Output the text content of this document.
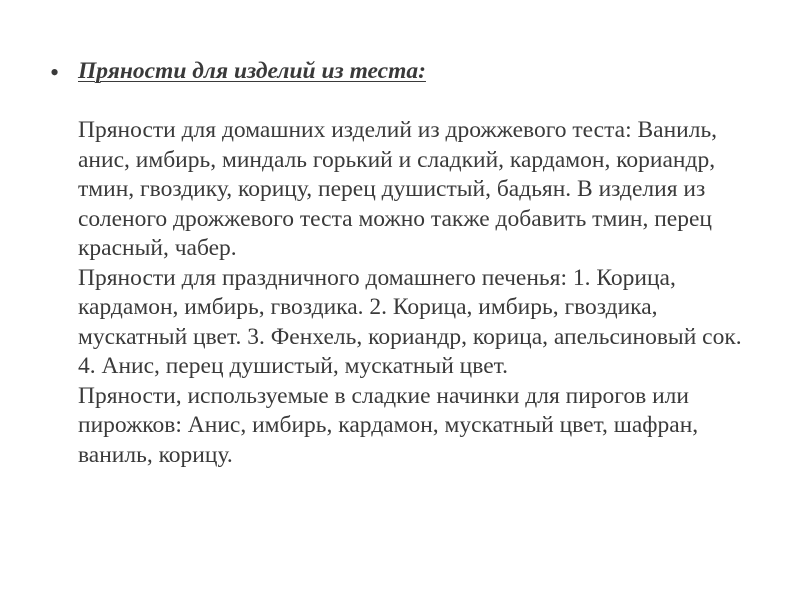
• Пряности для изделий из теста:
Пряности для домашних изделий из дрожжевого теста: Ваниль, анис, имбирь, миндаль горький и сладкий, кардамон, кориандр, тмин, гвоздику, корицу, перец душистый, бадьян. В изделия из соленого дрожжевого теста можно также добавить тмин, перец красный, чабер.
Пряности для праздничного домашнего печенья: 1. Корица, кардамон, имбирь, гвоздика. 2. Корица, имбирь, гвоздика, мускатный цвет. 3. Фенхель, кориандр, корица, апельсиновый сок. 4. Анис, перец душистый, мускатный цвет.
Пряности, используемые в сладкие начинки для пирогов или пирожков: Анис, имбирь, кардамон, мускатный цвет, шафран, ваниль, корицу.
